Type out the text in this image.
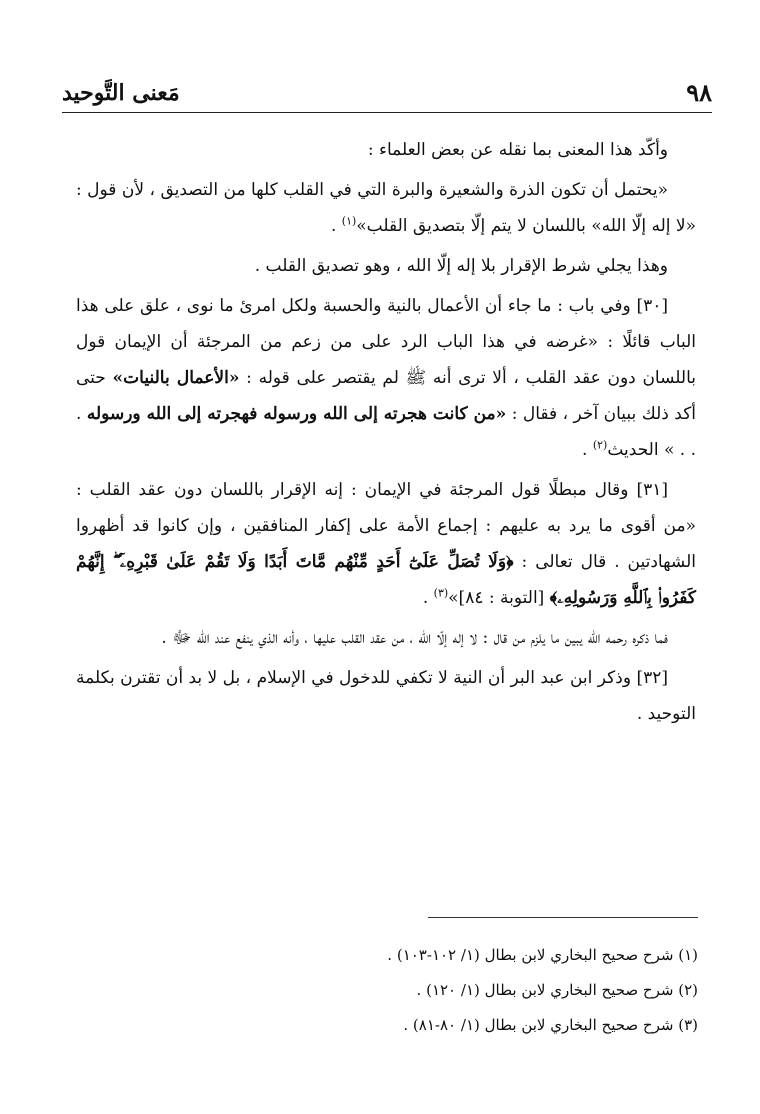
٩٨
مَعنى التَّوحيد

وأكّد هذا المعنى بما نقله عن بعض العلماء :

«يحتمل أن تكون الذرة والشعيرة والبرة التي في القلب كلها من التصديق ، لأن قول : «لا إله إلّا الله» باللسان لا يتم إلّا بتصديق القلب»$^{(١)}$ .

وهذا يجلي شرط الإقرار بلا إله إلّا الله ، وهو تصديق القلب .

[٣٠] وفي باب : ما جاء أن الأعمال بالنية والحسبة ولكل امرئ ما نوى ، علق على هذا الباب قائلًا : «غرضه في هذا الباب الرد على من زعم من المرجئة أن الإيمان قول باللسان دون عقد القلب ، ألا ترى أنه ﷺ لم يقتصر على قوله : «الأعمال بالنيات» حتى أكد ذلك ببيان آخر ، فقال : «من كانت هجرته إلى الله ورسوله فهجرته إلى الله ورسوله . . . » الحديث$^{(٢)}$ .

[٣١] وقال مبطلًا قول المرجئة في الإيمان : إنه الإقرار باللسان دون عقد القلب : «من أقوى ما يرد به عليهم : إجماع الأمة على إكفار المنافقين ، وإن كانوا قد أظهروا الشهادتين . قال تعالى : ﴿وَلَا تُصَلِّ عَلَىٰٓ أَحَدٍ مِّنْهُم مَّاتَ أَبَدًا وَلَا تَقُمْ عَلَىٰ قَبْرِهِۦٓ ۖ إِنَّهُمْ كَفَرُوا۟ بِٱللَّهِ وَرَسُولِهِۦ﴾ [التوبة : ٨٤]»$^{(٣)}$ .

فما ذكره رحمه الله يبين ما يلزم من قال : لا إله إلّا الله ، من عقد القلب عليها ، وأنه الذي ينفع عند الله ﷻ .

[٣٢] وذكر ابن عبد البر أن النية لا تكفي للدخول في الإسلام ، بل لا بد أن تقترن بكلمة التوحيد .

(١) شرح صحيح البخاري لابن بطال (١/ ١٠٢-١٠٣) .

(٢) شرح صحيح البخاري لابن بطال (١/ ١٢٠) .

(٣) شرح صحيح البخاري لابن بطال (١/ ٨٠-٨١) .
